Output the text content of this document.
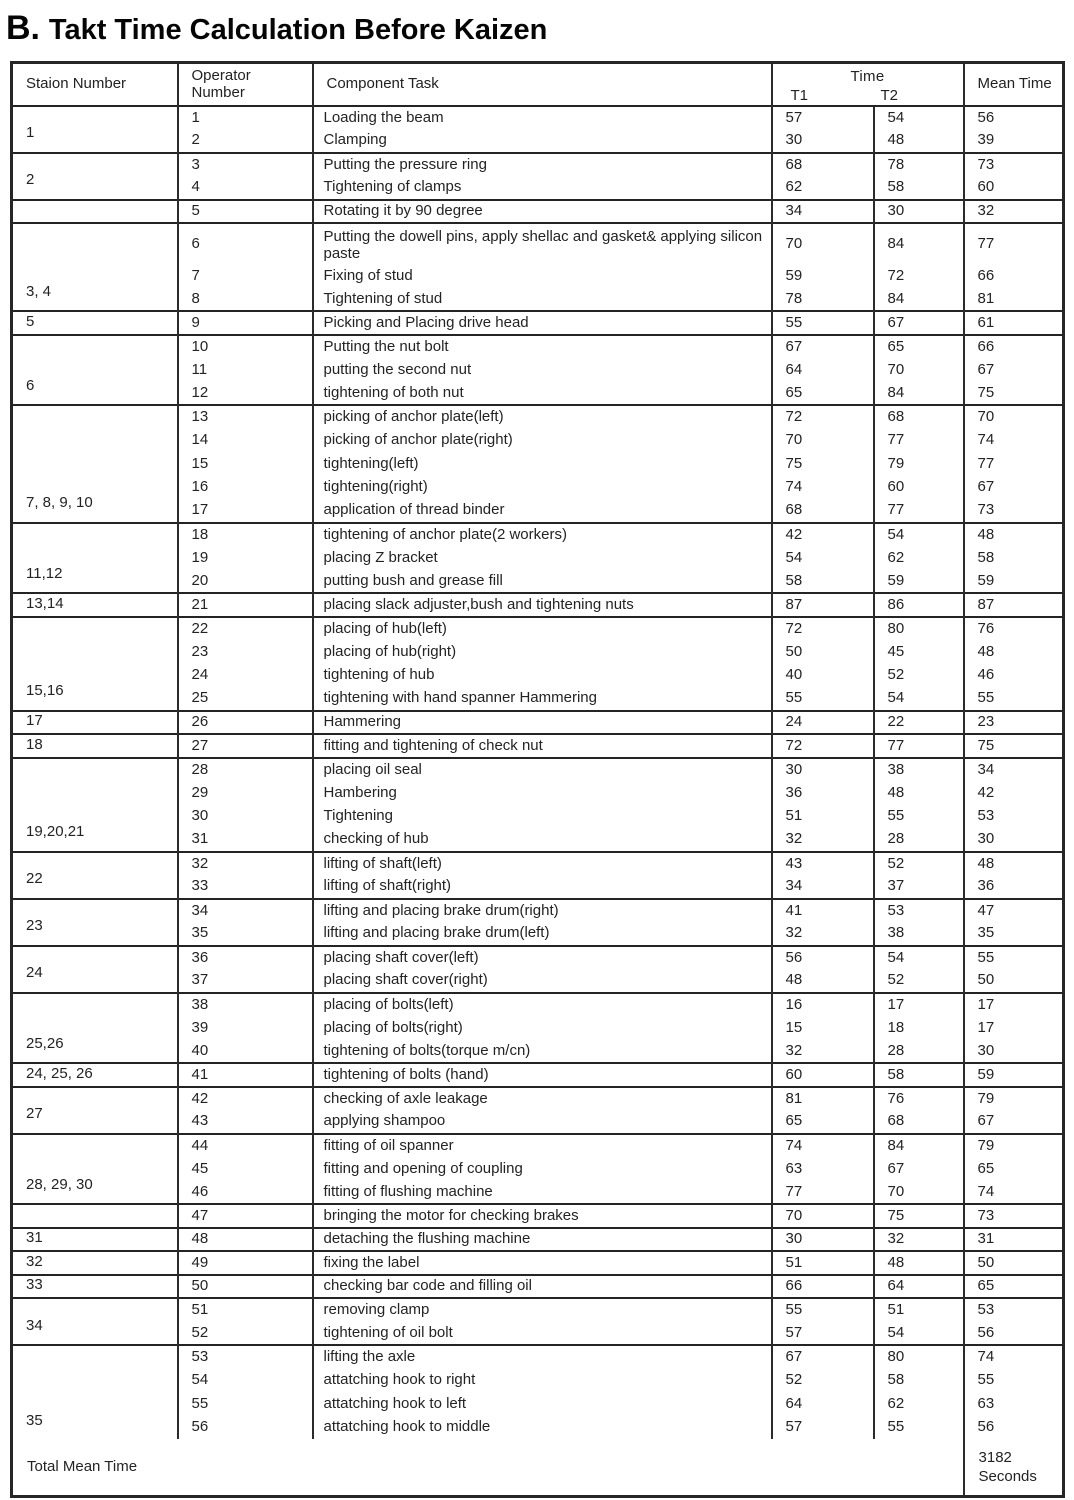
B. Takt Time Calculation Before Kaizen
Staion Number	Operator Number	Component Task	Time
T1 T2		Mean Time

1	1	Loading the beam	57	54	56
	2	Clamping	30	48	39
2	3	Putting the pressure ring	68	78	73
	4	Tightening of clamps	62	58	60
	5	Rotating it by 90 degree	34	30	32
3, 4	6	Putting the dowell pins, apply shellac and gasket& applying silicon paste	70	84	77
	7	Fixing of stud	59	72	66
	8	Tightening of stud	78	84	81
5	9	Picking and Placing drive head	55	67	61
6	10	Putting the nut bolt	67	65	66
	11	putting the second nut	64	70	67
	12	tightening of both nut	65	84	75
7, 8, 9, 10	13	picking of anchor plate(left)	72	68	70
	14	picking of anchor plate(right)	70	77	74
	15	tightening(left)	75	79	77
	16	tightening(right)	74	60	67
	17	application of thread binder	68	77	73
11,12	18	tightening of anchor plate(2 workers)	42	54	48
	19	placing Z bracket	54	62	58
	20	putting bush and grease fill	58	59	59
13,14	21	placing slack adjuster,bush and tightening nuts	87	86	87
15,16	22	placing of hub(left)	72	80	76
	23	placing of hub(right)	50	45	48
	24	tightening of hub	40	52	46
	25	tightening with hand spanner Hammering	55	54	55
17	26	Hammering	24	22	23
18	27	fitting and tightening of check nut	72	77	75
19,20,21	28	placing oil seal	30	38	34
	29	Hambering	36	48	42
	30	Tightening	51	55	53
	31	checking of hub	32	28	30
22	32	lifting of shaft(left)	43	52	48
	33	lifting of shaft(right)	34	37	36
23	34	lifting and placing brake drum(right)	41	53	47
	35	lifting and placing brake drum(left)	32	38	35
24	36	placing shaft cover(left)	56	54	55
	37	placing shaft cover(right)	48	52	50
25,26	38	placing of bolts(left)	16	17	17
	39	placing of bolts(right)	15	18	17
	40	tightening of bolts(torque m/cn)	32	28	30
24, 25, 26	41	tightening of bolts (hand)	60	58	59
27	42	checking of axle leakage	81	76	79
	43	applying shampoo	65	68	67
28, 29, 30	44	fitting of oil spanner	74	84	79
	45	fitting and opening of coupling	63	67	65
	46	fitting of flushing machine	77	70	74
	47	bringing the motor for checking brakes	70	75	73
31	48	detaching the flushing machine	30	32	31
32	49	fixing the label	51	48	50
33	50	checking bar code and filling oil	66	64	65
34	51	removing clamp	55	51	53
	52	tightening of oil bolt	57	54	56
35	53	lifting the axle	67	80	74
	54	attatching hook to right	52	58	55
	55	attatching hook to left	64	62	63
	56	attatching hook to middle	57	55	56
Total Mean Time					3182
Seconds
